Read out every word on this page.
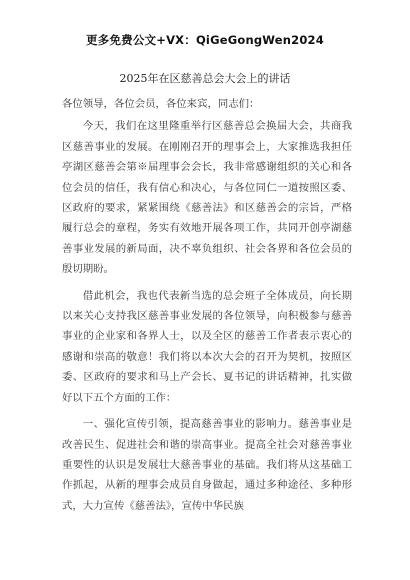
更多免费公文+VX：QiGeGongWen2024
2025年在区慈善总会大会上的讲话

各位领导，各位会员，各位来宾，同志们：

今天，我们在这里隆重举行区慈善总会换届大会，共商我区慈善事业的发展。在刚刚召开的理事会上，大家推选我担任亭湖区慈善会第※届理事会会长，我非常感谢组织的关心和各位会员的信任，我有信心和决心，与各位同仁一道按照区委、区政府的要求，紧紧围绕《慈善法》和区慈善会的宗旨，严格履行总会的章程，务实有效地开展各项工作，共同开创亭湖慈善事业发展的新局面，决不辜负组织、社会各界和各位会员的殷切期盼。

借此机会，我也代表新当选的总会班子全体成员，向长期以来关心支持我区慈善事业发展的各位领导，向积极参与慈善事业的企业家和各界人士，以及全区的慈善工作者表示衷心的感谢和崇高的敬意！我们将以本次大会的召开为契机，按照区委、区政府的要求和马上产会长、夏书记的讲话精神，扎实做好以下五个方面的工作：

一、强化宣传引领，提高慈善事业的影响力。慈善事业是改善民生、促进社会和谐的崇高事业。提高全社会对慈善事业重要性的认识是发展壮大慈善事业的基础。我们将从这基础工作抓起，从新的理事会成员自身做起，通过多种途径、多种形式，大力宣传《慈善法》，宣传中华民族
